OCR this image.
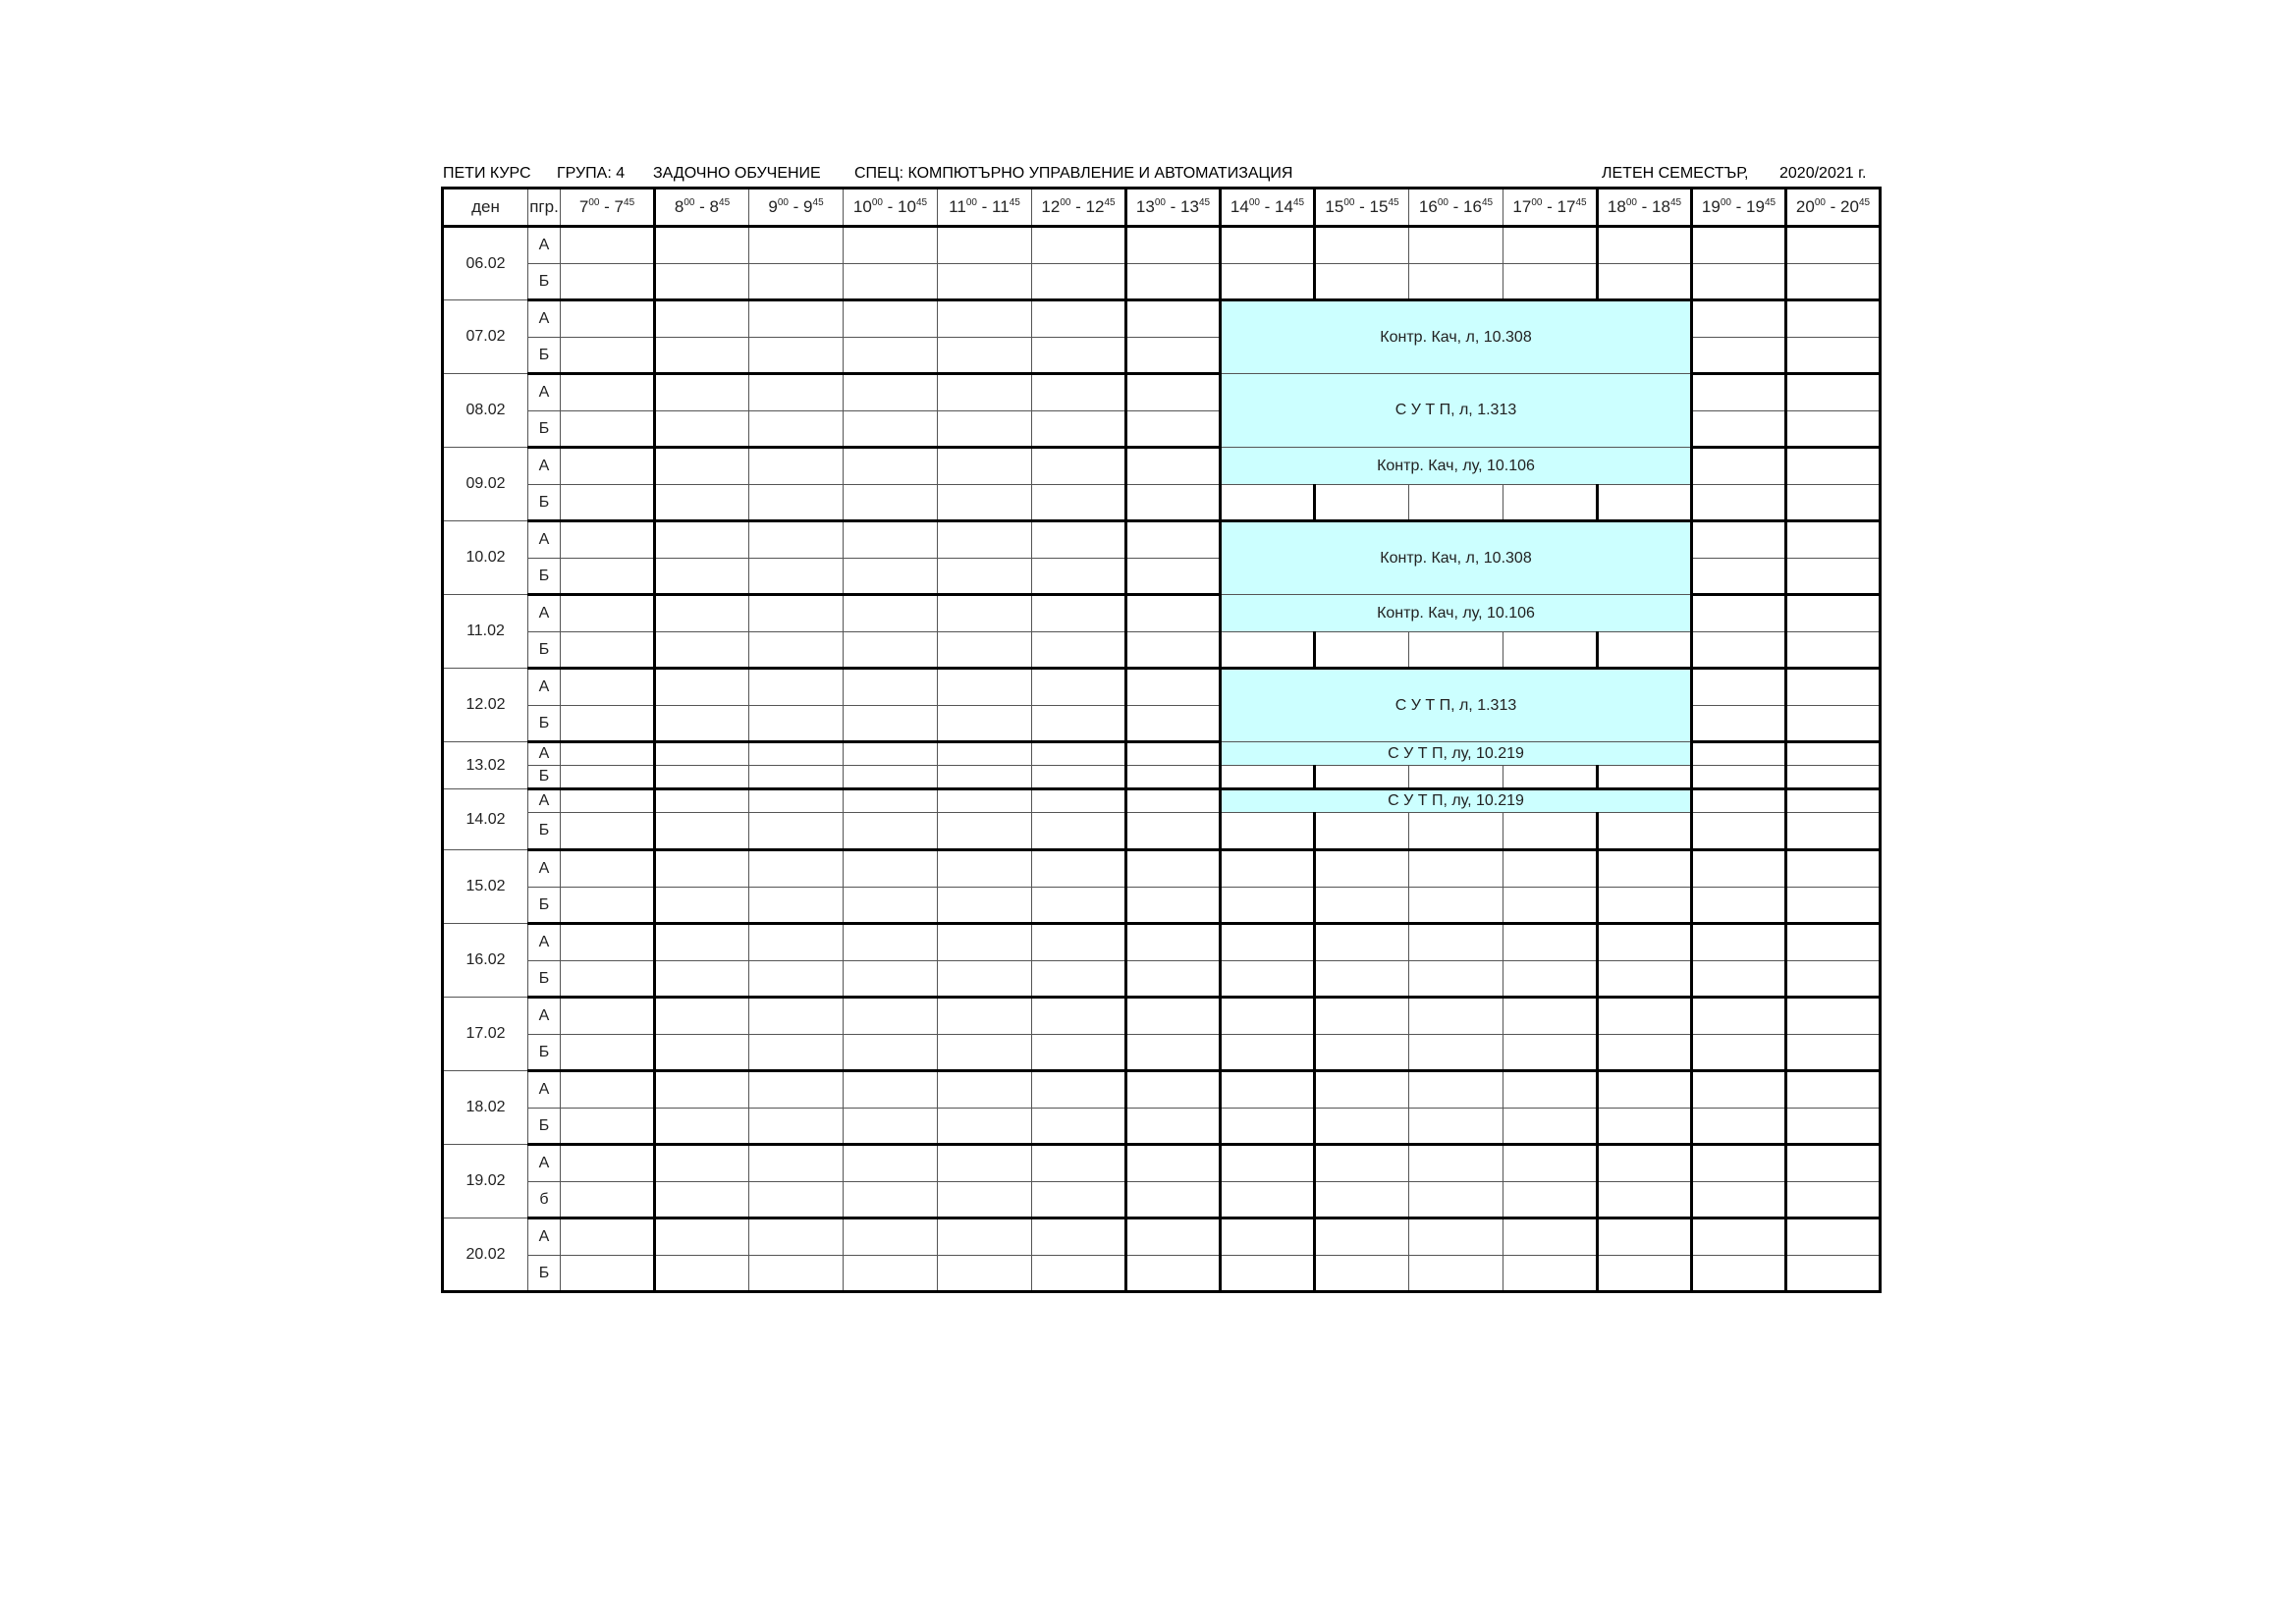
ПЕТИ КУРС ГРУПА: 4 ЗАДОЧНО ОБУЧЕНИЕ СПЕЦ: КОМПЮТЪРНО УПРАВЛЕНИЕ И АВТОМАТИЗАЦИЯ	ЛЕТЕН СЕМЕСТЪР, 2020/2021 г.
ден	пгр.	$7^{00} - 7^{45}$	$8^{00} - 8^{45}$	$9^{00} - 9^{45}$	$10^{00} - 10^{45}$	$11^{00} - 11^{45}$	$12^{00} - 12^{45}$	$13^{00} - 13^{45}$	$14^{00} - 14^{45}$	$15^{00} - 15^{45}$	$16^{00} - 16^{45}$	$17^{00} - 17^{45}$	$18^{00} - 18^{45}$	$19^{00} - 19^{45}$	$20^{00} - 20^{45}$
06.02	А														
	Б														
07.02	А								Контр. Кач, л, 10.308						
	Б														
08.02	А								С У Т П, л, 1.313						
	Б														
09.02	А								Контр. Кач, лу, 10.106						
	Б														
10.02	А								Контр. Кач, л, 10.308						
	Б														
11.02	А								Контр. Кач, лу, 10.106						
	Б														
12.02	А								С У Т П, л, 1.313						
	Б														
13.02	А								С У Т П, лу, 10.219						
	Б														
14.02	А								С У Т П, лу, 10.219						
	Б														
15.02	А														
	Б														
16.02	А														
	Б														
17.02	А														
	Б														
18.02	А														
	Б														
19.02	А														
	б														
20.02	А														
	Б														
